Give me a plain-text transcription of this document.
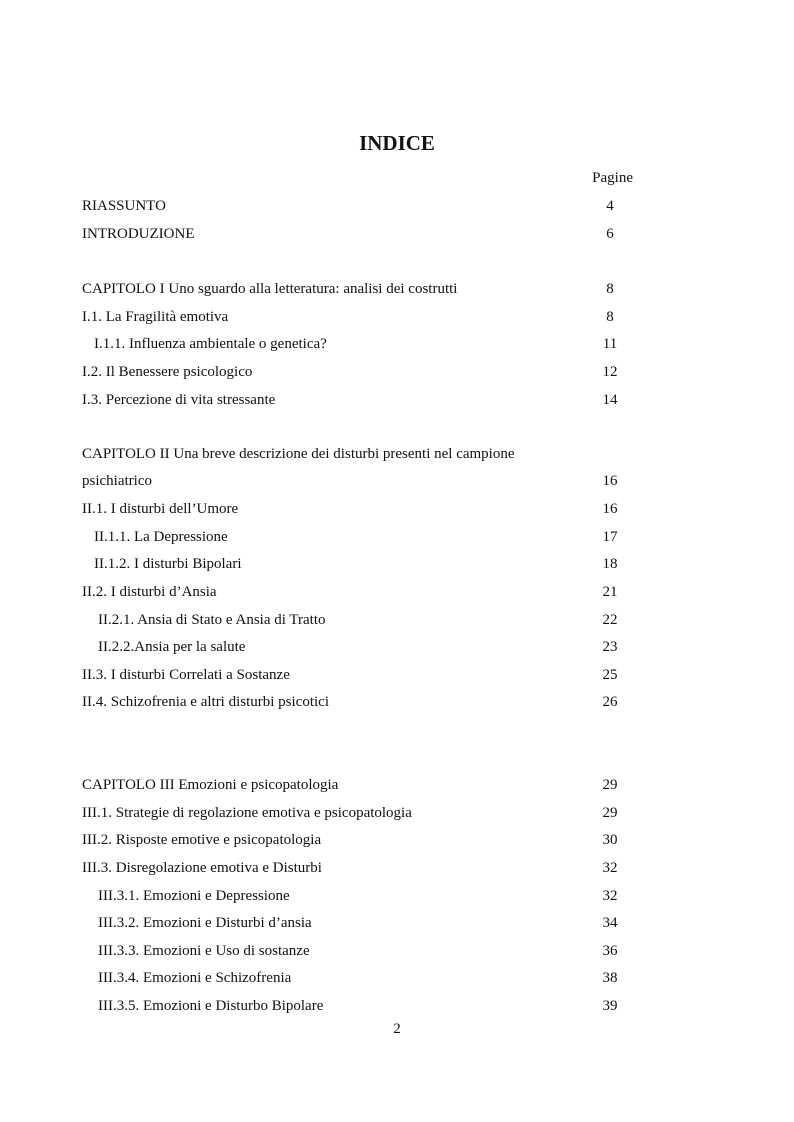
INDICE
Pagine
RIASSUNTO	4
INTRODUZIONE	6
CAPITOLO I Uno sguardo alla letteratura: analisi dei costrutti	8
I.1. La Fragilità emotiva	8
I.1.1. Influenza ambientale o genetica?	11
I.2. Il Benessere psicologico	12
I.3. Percezione di vita stressante	14
CAPITOLO II Una breve descrizione dei disturbi presenti nel campione
psichiatrico	16
II.1. I disturbi dell’Umore	16
II.1.1. La Depressione	17
II.1.2. I disturbi Bipolari	18
II.2. I disturbi d’Ansia	21
II.2.1. Ansia di Stato e Ansia di Tratto	22
II.2.2.Ansia per la salute	23
II.3. I disturbi Correlati a Sostanze	25
II.4. Schizofrenia e altri disturbi psicotici	26
CAPITOLO III Emozioni e psicopatologia	29
III.1. Strategie di regolazione emotiva e psicopatologia	29
III.2. Risposte emotive e psicopatologia	30
III.3. Disregolazione emotiva e Disturbi	32
III.3.1. Emozioni e Depressione	32
III.3.2. Emozioni e Disturbi d’ansia	34
III.3.3. Emozioni e Uso di sostanze	36
III.3.4. Emozioni e Schizofrenia	38
III.3.5. Emozioni e Disturbo Bipolare	39
2
